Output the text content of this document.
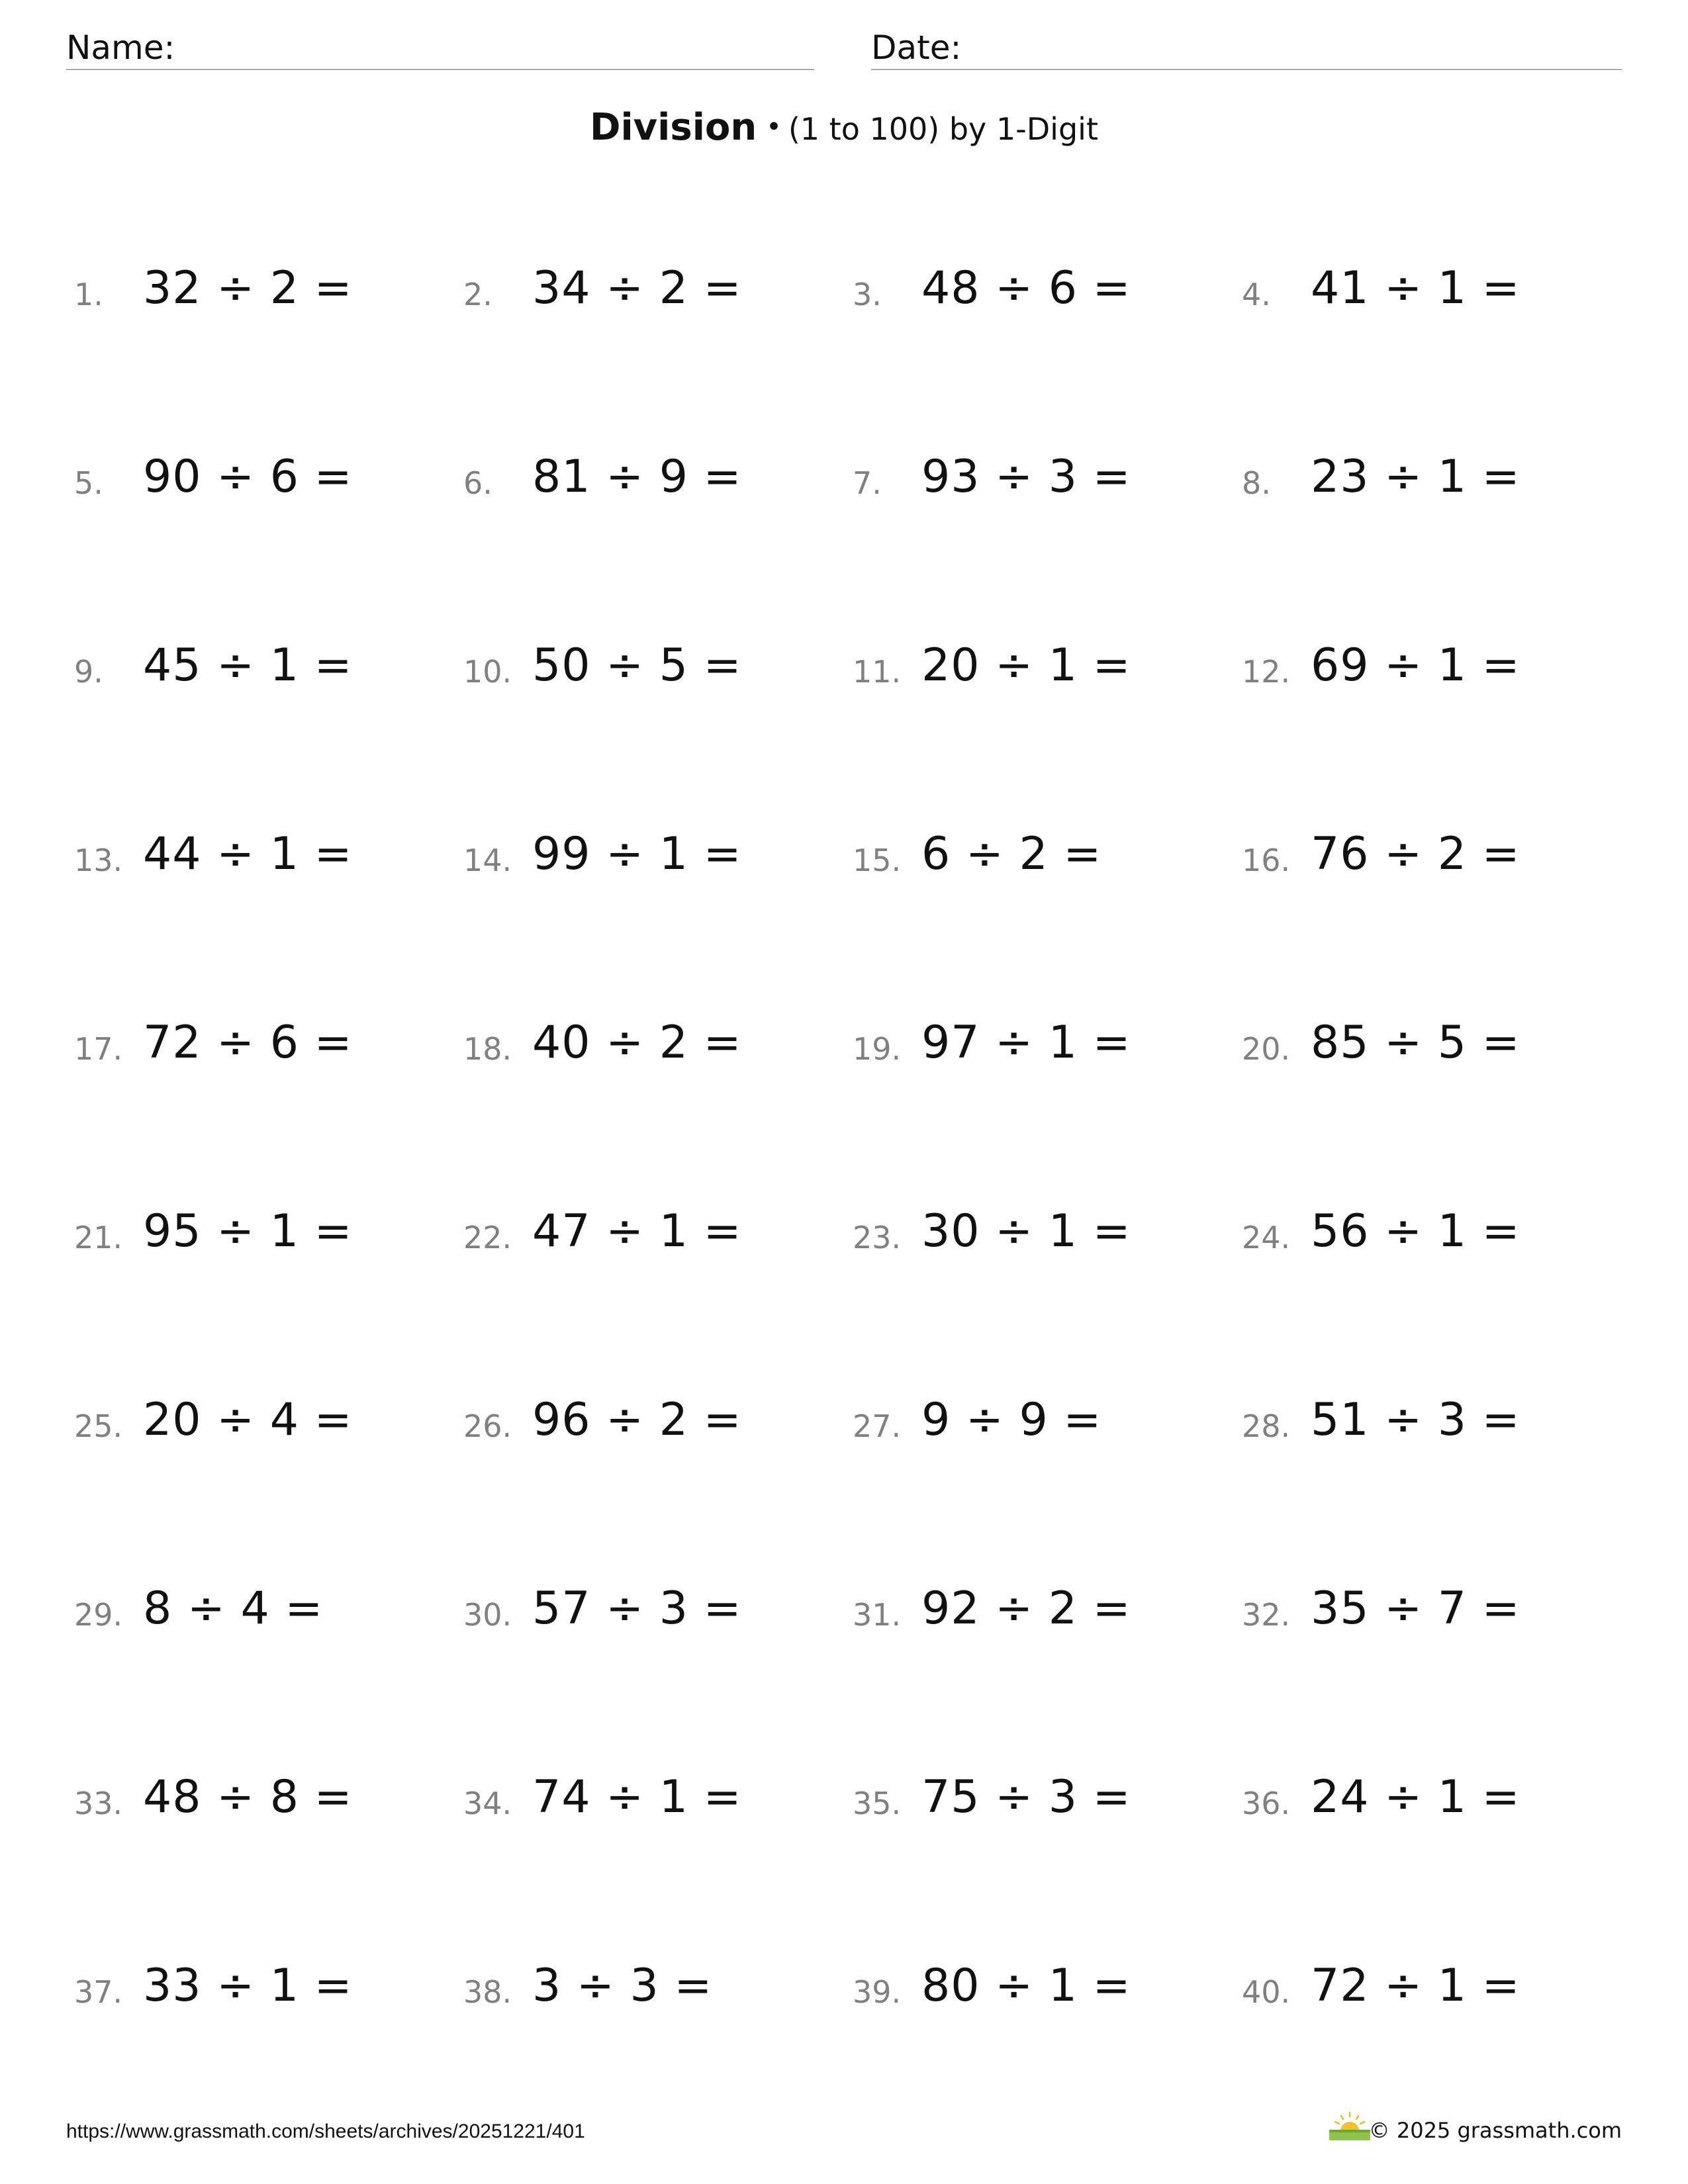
Name:	Date:
Division • (1 to 100) by 1-Digit
1. 32 ÷ 2 =	2. 34 ÷ 2 =	3. 48 ÷ 6 =	4. 41 ÷ 1 =
5. 90 ÷ 6 =	6. 81 ÷ 9 =	7. 93 ÷ 3 =	8. 23 ÷ 1 =
9. 45 ÷ 1 =	10. 50 ÷ 5 =	11. 20 ÷ 1 =	12. 69 ÷ 1 =
13. 44 ÷ 1 =	14. 99 ÷ 1 =	15. 6 ÷ 2 =	16. 76 ÷ 2 =
17. 72 ÷ 6 =	18. 40 ÷ 2 =	19. 97 ÷ 1 =	20. 85 ÷ 5 =
21. 95 ÷ 1 =	22. 47 ÷ 1 =	23. 30 ÷ 1 =	24. 56 ÷ 1 =
25. 20 ÷ 4 =	26. 96 ÷ 2 =	27. 9 ÷ 9 =	28. 51 ÷ 3 =
29. 8 ÷ 4 =	30. 57 ÷ 3 =	31. 92 ÷ 2 =	32. 35 ÷ 7 =
33. 48 ÷ 8 =	34. 74 ÷ 1 =	35. 75 ÷ 3 =	36. 24 ÷ 1 =
37. 33 ÷ 1 =	38. 3 ÷ 3 =	39. 80 ÷ 1 =	40. 72 ÷ 1 =
https://www.grassmath.com/sheets/archives/20251221/401	© 2025 grassmath.com
